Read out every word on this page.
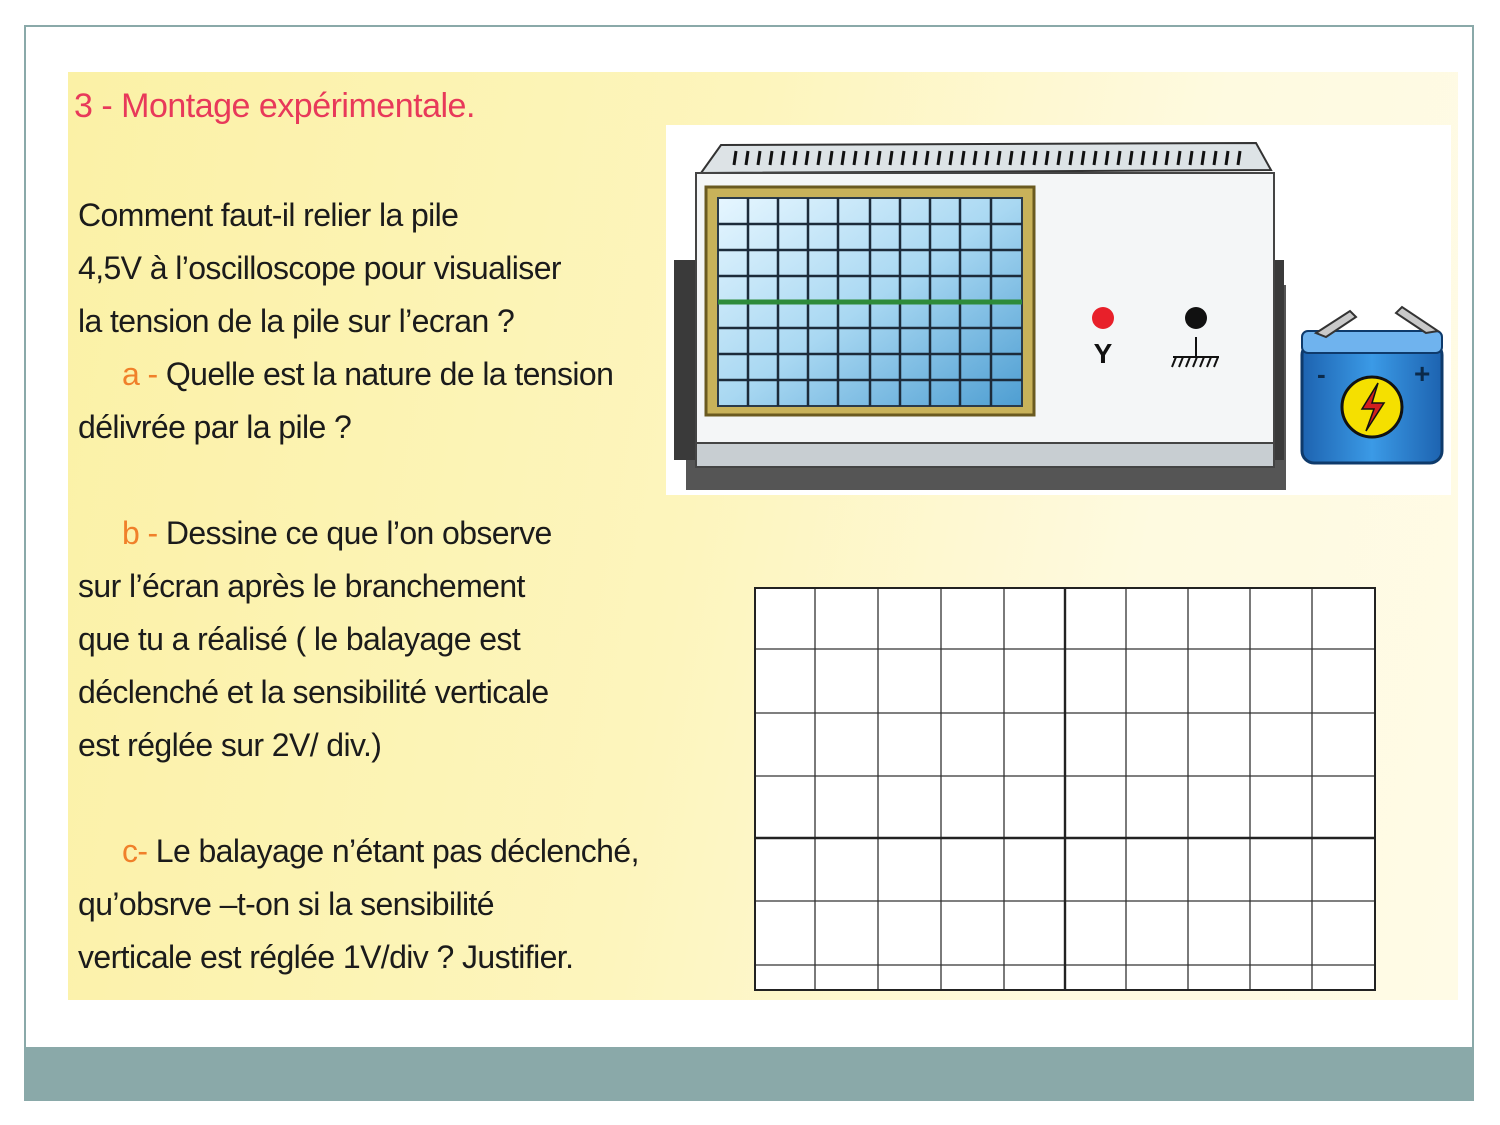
3 - Montage expérimentale.
Comment faut-il relier la pile
4,5V à l’oscilloscope pour visualiser
la tension de la pile sur l’ecran ?
a - Quelle est la nature de la tension
délivrée par la pile ?
b - Dessine ce que l’on observe
sur l’écran après le branchement
que tu a réalisé ( le balayage est
déclenché et la sensibilité verticale
est réglée sur 2V/ div.)
c- Le balayage n’étant pas déclenché,
qu’obsrve –t-on si la sensibilité
verticale est réglée 1V/div ? Justifier.
Y
-	+
